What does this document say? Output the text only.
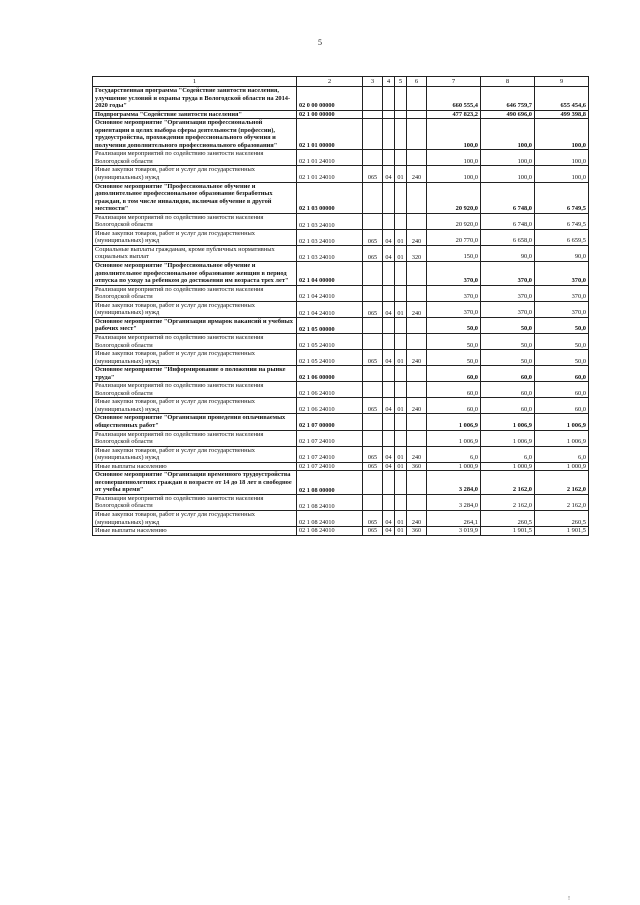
5
1	2	3	4	5	6	7	8	9
Государственная программа "Содействие занятости населения, улучшение условий и охраны труда в Вологодской области на 2014-2020 годы"	02 0 00 00000					660 555,4	646 759,7	655 454,6
Подпрограмма "Содействие занятости населения"	02 1 00 00000					477 823,2	490 696,0	499 398,8
Основное мероприятие "Организация профессиональной ориентации в целях выбора сферы деятельности (профессии), трудоустройства, прохождения профессионального обучения и получения дополнительного профессионального образования"	02 1 01 00000					100,0	100,0	100,0
Реализация мероприятий по содействию занятости населения Вологодской области	02 1 01 24010					100,0	100,0	100,0
Иные закупки товаров, работ и услуг для государственных (муниципальных) нужд	02 1 01 24010	065	04	01	240	100,0	100,0	100,0
Основное мероприятие "Профессиональное обучение и дополнительное профессиональное образование безработных граждан, в том числе инвалидов, включая обучение в другой местности"	02 1 03 00000					20 920,0	6 748,0	6 749,5
Реализация мероприятий по содействию занятости населения Вологодской области	02 1 03 24010					20 920,0	6 748,0	6 749,5
Иные закупки товаров, работ и услуг для государственных (муниципальных) нужд	02 1 03 24010	065	04	01	240	20 770,0	6 658,0	6 659,5
Социальные выплаты гражданам, кроме публичных нормативных социальных выплат	02 1 03 24010	065	04	01	320	150,0	90,0	90,0
Основное мероприятие "Профессиональное обучение и дополнительное профессиональное образование женщин в период отпуска по уходу за ребенком до достижения им возраста трех лет"	02 1 04 00000					370,0	370,0	370,0
Реализация мероприятий по содействию занятости населения Вологодской области	02 1 04 24010					370,0	370,0	370,0
Иные закупки товаров, работ и услуг для государственных (муниципальных) нужд	02 1 04 24010	065	04	01	240	370,0	370,0	370,0
Основное мероприятие "Организация ярмарок вакансий и учебных рабочих мест"	02 1 05 00000					50,0	50,0	50,0
Реализация мероприятий по содействию занятости населения Вологодской области	02 1 05 24010					50,0	50,0	50,0
Иные закупки товаров, работ и услуг для государственных (муниципальных) нужд	02 1 05 24010	065	04	01	240	50,0	50,0	50,0
Основное мероприятие "Информирование о положении на рынке труда"	02 1 06 00000					60,0	60,0	60,0
Реализация мероприятий по содействию занятости населения Вологодской области	02 1 06 24010					60,0	60,0	60,0
Иные закупки товаров, работ и услуг для государственных (муниципальных) нужд	02 1 06 24010	065	04	01	240	60,0	60,0	60,0
Основное мероприятие "Организация проведения оплачиваемых общественных работ"	02 1 07 00000					1 006,9	1 006,9	1 006,9
Реализация мероприятий по содействию занятости населения Вологодской области	02 1 07 24010					1 006,9	1 006,9	1 006,9
Иные закупки товаров, работ и услуг для государственных (муниципальных) нужд	02 1 07 24010	065	04	01	240	6,0	6,0	6,0
Иные выплаты населению	02 1 07 24010	065	04	01	360	1 000,9	1 000,9	1 000,9
Основное мероприятие "Организация временного трудоустройства несовершеннолетних граждан в возрасте от 14 до 18 лет в свободное от учебы время"	02 1 08 00000					3 284,0	2 162,0	2 162,0
Реализация мероприятий по содействию занятости населения Вологодской области	02 1 08 24010					3 284,0	2 162,0	2 162,0
Иные закупки товаров, работ и услуг для государственных (муниципальных) нужд	02 1 08 24010	065	04	01	240	264,1	260,5	260,5
Иные выплаты населению	02 1 08 24010	065	04	01	360	3 019,9	1 901,5	1 901,5
!
